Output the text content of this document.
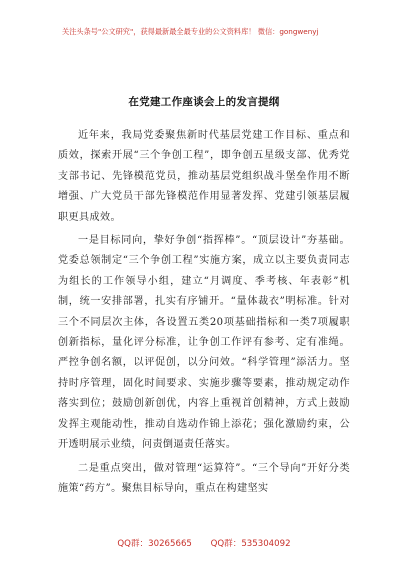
关注头条号"公文研究"，获得最新最全最专业的公文资料库！ 微信：gongwenyj
在党建工作座谈会上的发言提纲

近年来，我局党委聚焦新时代基层党建工作目标、重点和质效，探索开展“三个争创工程”，即争创五星级支部、优秀党支部书记、先锋模范党员，推动基层党组织战斗堡垒作用不断增强、广大党员干部先锋模范作用显著发挥、党建引领基层履职更具成效。

一是目标同向，挚好争创“指挥棒”。“顶层设计”夯基础。党委总领制定“三个争创工程”实施方案，成立以主要负责同志为组长的工作领导小组，建立“月调度、季考核、年表彰”机制，统一安排部署，扎实有序铺开。“量体裁衣”明标准。针对三个不同层次主体，各设置五类20项基础指标和一类7项履职创新指标，量化评分标准，让争创工作评有参考、定有准绳。严控争创名额，以评促创，以分问效。“科学管理”添活力。坚持时序管理，固化时间要求、实施步骤等要素，推动规定动作落实到位；鼓励创新创优，内容上重视首创精神，方式上鼓励发挥主观能动性，推动自选动作锦上添花；强化激励约束，公开透明展示业绩，问责倒逼责任落实。

二是重点突出，做对管理“运算符”。“三个导向”开好分类施策“药方”。聚焦目标导向，重点在构建坚实

QQ群：30265665 QQ群：535304092
